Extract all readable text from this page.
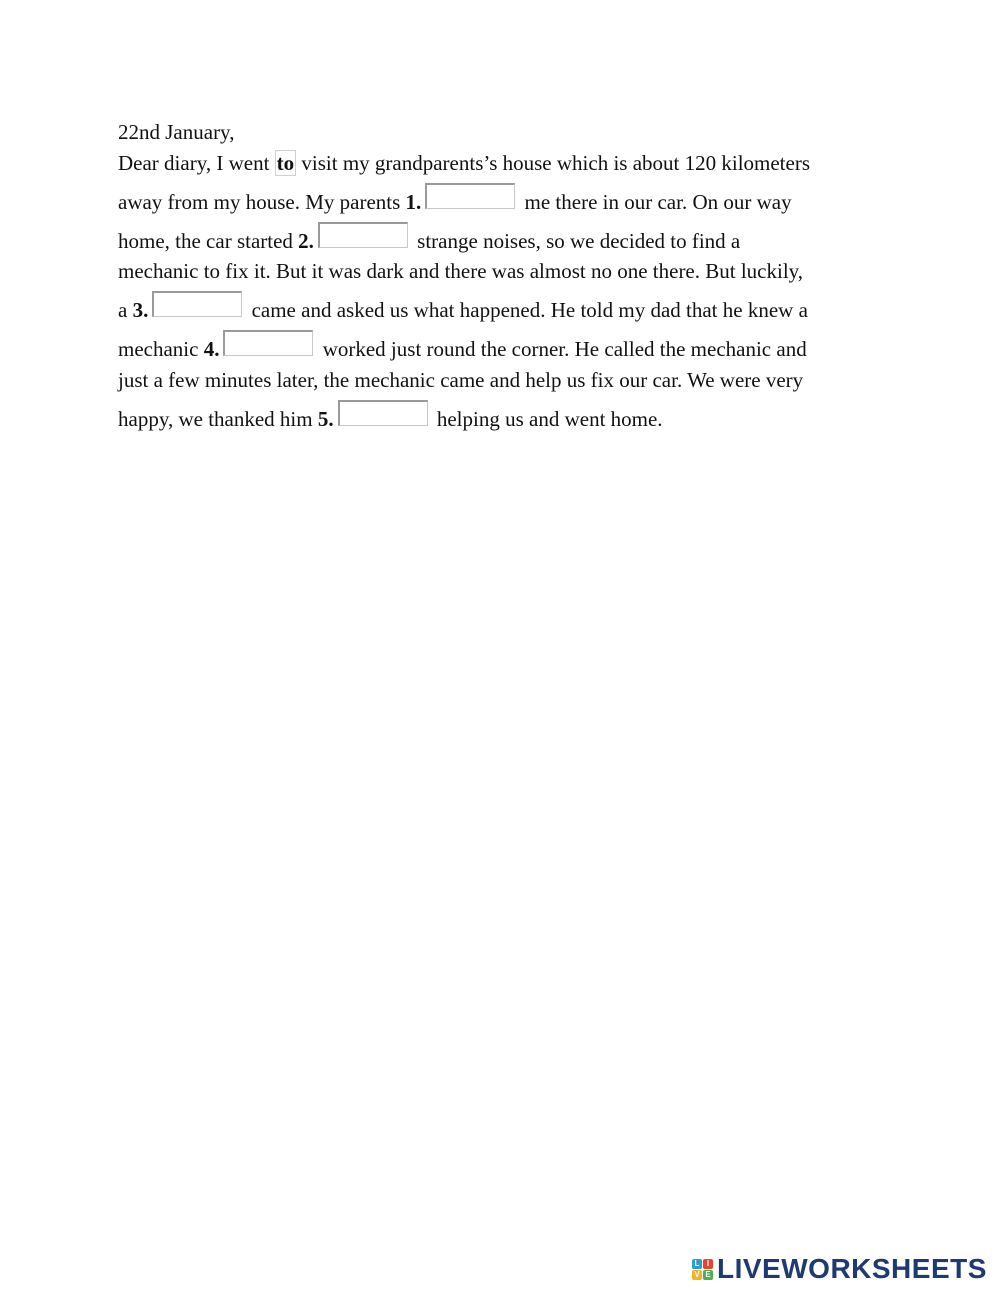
22nd January,
Dear diary, I went to visit my grandparents’s house which is about 120 kilometers
away from my house. My parents 1.	me there in our car. On our way
home, the car started 2.	strange noises, so we decided to find a
mechanic to fix it. But it was dark and there was almost no one there. But luckily,
a 3.	came and asked us what happened. He told my dad that he knew a
mechanic 4.	worked just round the corner. He called the mechanic and
just a few minutes later, the mechanic came and help us fix our car. We were very
happy, we thanked him 5.	helping us and went home.
L I
V E LIVEWORKSHEETS
